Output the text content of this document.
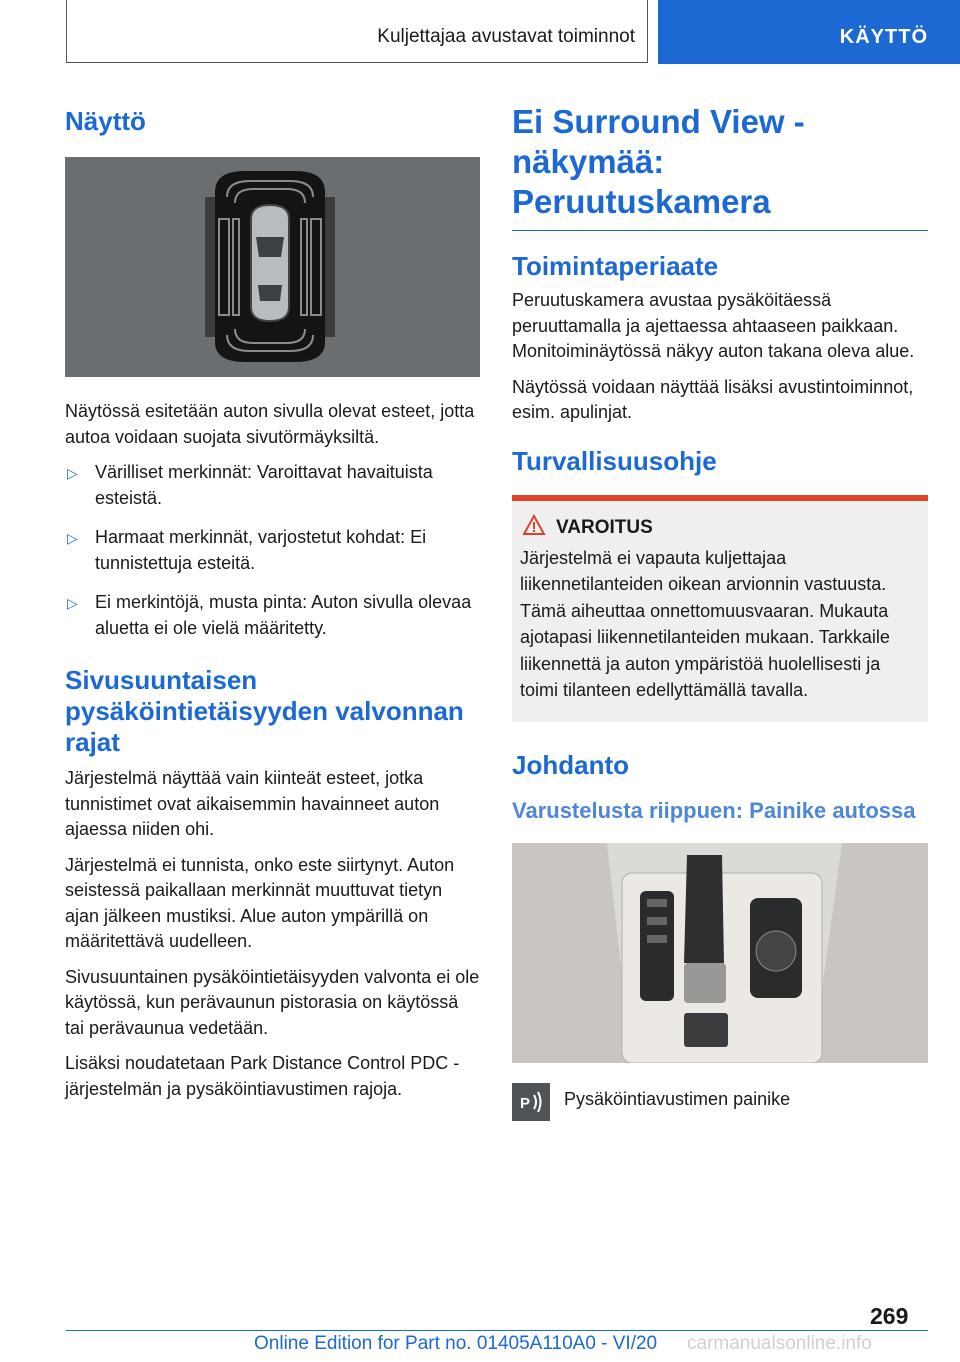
Kuljettajaa avustavat toiminnot	KÄYTTÖ
Näyttö

Näytössä esitetään auton sivulla olevat esteet, jotta autoa voidaan suojata sivutörmäyksiltä.

▷ Värilliset merkinnät: Varoittavat havaituista esteistä.
▷ Harmaat merkinnät, varjostetut kohdat: Ei tunnistettuja esteitä.
▷ Ei merkintöjä, musta pinta: Auton sivulla olevaa aluetta ei ole vielä määritetty.
Sivusuuntaisen pysäköintietäisyyden valvonnan rajat

Järjestelmä näyttää vain kiinteät esteet, jotka tunnistimet ovat aikaisemmin havainneet auton ajaessa niiden ohi.

Järjestelmä ei tunnista, onko este siirtynyt. Auton seistessä paikallaan merkinnät muuttuvat tietyn ajan jälkeen mustiksi. Alue auton ympärillä on määritettävä uudelleen.

Sivusuuntainen pysäköintietäisyyden valvonta ei ole käytössä, kun perävaunun pistorasia on käytössä tai perävaunua vedetään.

Lisäksi noudatetaan Park Distance Control PDC -järjestelmän ja pysäköintiavustimen rajoja.

Ei Surround View -näkymää: Peruutuskamera
Toimintaperiaate

Peruutuskamera avustaa pysäköitäessä peruuttamalla ja ajettaessa ahtaaseen paikkaan. Monitoiminäytössä näkyy auton takana oleva alue.

Näytössä voidaan näyttää lisäksi avustintoiminnot, esim. apulinjat.

Turvallisuusohje
VAROITUS

Järjestelmä ei vapauta kuljettajaa liikennetilanteiden oikean arvionnin vastuusta. Tämä aiheuttaa onnettomuusvaaran. Mukauta ajotapasi liikennetilanteiden mukaan. Tarkkaile liikennettä ja auton ympäristöä huolellisesti ja toimi tilanteen edellyttämällä tavalla.

Johdanto
Varustelusta riippuen: Painike autossa
P Pysäköintiavustimen painike
269
Online Edition for Part no. 01405A110A0 - VI/20 carmanualsonline.info
